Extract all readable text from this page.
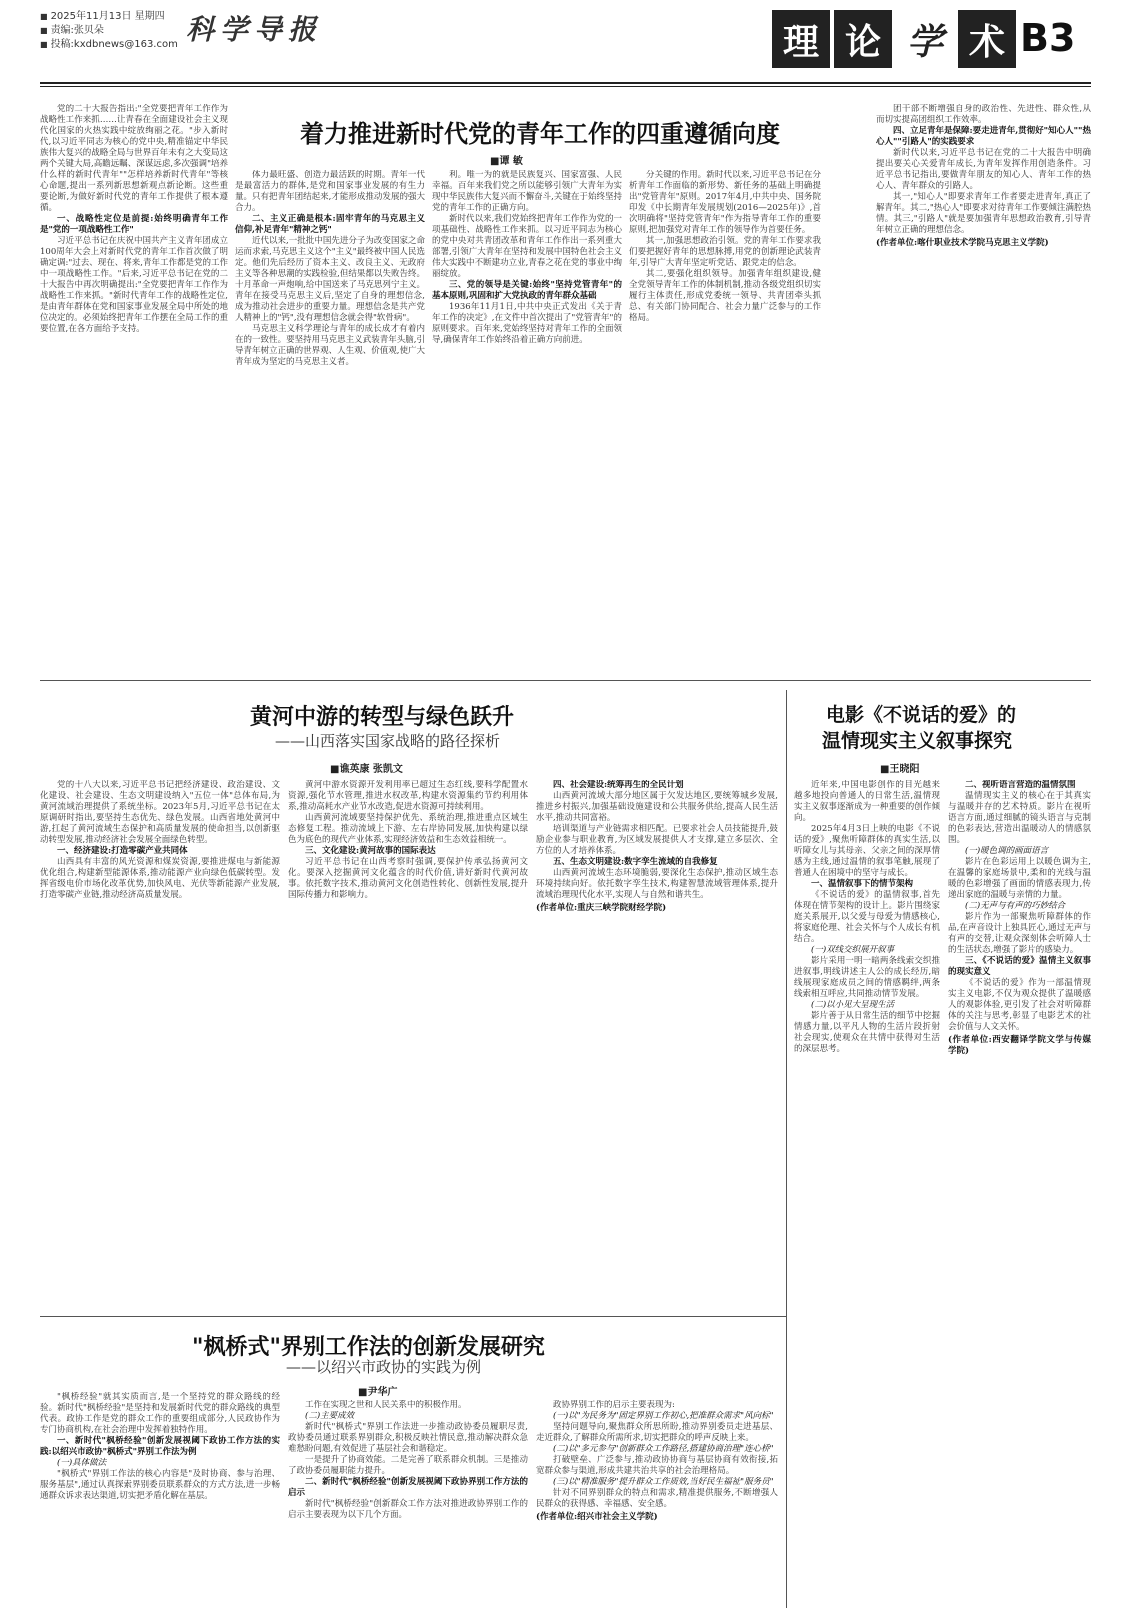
■ 2025年11月13日 星期四
■ 责编:张贝朵
■ 投稿:kxdbnews@163.com 科学导报	理 论 学 术 B3
着力推进新时代党的青年工作的四重遵循向度
■ 谭 敏

党的二十大报告指出:"全党要把青年工作作为战略性工作来抓……让青春在全面建设社会主义现代化国家的火热实践中绽放绚丽之花。"步入新时代,以习近平同志为核心的党中央,精准锚定中华民族伟大复兴的战略全局与世界百年未有之大变局这两个关键大局,高瞻远瞩、深谋远虑,多次强调"培养什么样的新时代青年""怎样培养新时代青年"等核心命题,提出一系列新思想新观点新论断。这些重要论断,为做好新时代党的青年工作提供了根本遵循。

一、战略性定位是前提:始终明确青年工作是"党的一项战略性工作"

习近平总书记在庆祝中国共产主义青年团成立100周年大会上对新时代党的青年工作首次做了明确定调:"过去、现在、将来,青年工作都是党的工作中一项战略性工作。"后来,习近平总书记在党的二十大报告中再次明确提出:"全党要把青年工作作为战略性工作来抓。"新时代青年工作的战略性定位,是由青年群体在党和国家事业发展全局中所处的地位决定的。必须始终把青年工作摆在全局工作的重要位置,在各方面给予支持。

体力最旺盛、创造力最活跃的时期。青年一代是最富活力的群体,是党和国家事业发展的有生力量。只有把青年团结起来,才能形成推动发展的强大合力。

二、主义正确是根本:固牢青年的马克思主义信仰,补足青年"精神之钙"

近代以来,一批批中国先进分子为改变国家之命运而求索,马克思主义这个"主义"最终被中国人民选定。他们先后经历了资本主义、改良主义、无政府主义等各种思潮的实践检验,但结果都以失败告终。十月革命一声炮响,给中国送来了马克思列宁主义。青年在接受马克思主义后,坚定了自身的理想信念,成为推动社会进步的重要力量。理想信念是共产党人精神上的"钙",没有理想信念就会得"软骨病"。

马克思主义科学理论与青年的成长成才有着内在的一致性。要坚持用马克思主义武装青年头脑,引导青年树立正确的世界观、人生观、价值观,使广大青年成为坚定的马克思主义者。

利。唯一为的就是民族复兴、国家富强、人民幸福。百年来我们党之所以能够引领广大青年为实现中华民族伟大复兴而不懈奋斗,关键在于始终坚持党的青年工作的正确方向。

新时代以来,我们党始终把青年工作作为党的一项基础性、战略性工作来抓。以习近平同志为核心的党中央对共青团改革和青年工作作出一系列重大部署,引领广大青年在坚持和发展中国特色社会主义伟大实践中不断建功立业,青春之花在党的事业中绚丽绽放。

三、党的领导是关键:始终"坚持党管青年"的基本原则,巩固和扩大党执政的青年群众基础

1936年11月1日,中共中央正式发出《关于青年工作的决定》,在文件中首次提出了"党管青年"的原则要求。百年来,党始终坚持对青年工作的全面领导,确保青年工作始终沿着正确方向前进。

分关键的作用。新时代以来,习近平总书记在分析青年工作面临的新形势、新任务的基础上明确提出"党管青年"原则。2017年4月,中共中央、国务院印发《中长期青年发展规划(2016—2025年)》,首次明确将"坚持党管青年"作为指导青年工作的重要原则,把加强党对青年工作的领导作为首要任务。

其一,加强思想政治引领。党的青年工作要求我们要把握好青年的思想脉搏,用党的创新理论武装青年,引导广大青年坚定听党话、跟党走的信念。

其二,要强化组织领导。加强青年组织建设,健全党领导青年工作的体制机制,推动各级党组织切实履行主体责任,形成党委统一领导、共青团牵头抓总、有关部门协同配合、社会力量广泛参与的工作格局。

团干部不断增强自身的政治性、先进性、群众性,从而切实提高团组织工作效率。

四、立足青年是保障:要走进青年,贯彻好"知心人""热心人""引路人"的实践要求

新时代以来,习近平总书记在党的二十大报告中明确提出要关心关爱青年成长,为青年发挥作用创造条件。习近平总书记指出,要做青年朋友的知心人、青年工作的热心人、青年群众的引路人。

其一,"知心人"即要求青年工作者要走进青年,真正了解青年。其二,"热心人"即要求对待青年工作要倾注满腔热情。其三,"引路人"就是要加强青年思想政治教育,引导青年树立正确的理想信念。

(作者单位:喀什职业技术学院马克思主义学院)

黄河中游的转型与绿色跃升
——山西落实国家战略的路径探析
■ 谯英康 张凯文

党的十八大以来,习近平总书记把经济建设、政治建设、文化建设、社会建设、生态文明建设纳入"五位一体"总体布局,为黄河流域治理提供了系统坐标。2023年5月,习近平总书记在太原调研时指出,要坚持生态优先、绿色发展。山西省地处黄河中游,扛起了黄河流域生态保护和高质量发展的使命担当,以创新驱动转型发展,推动经济社会发展全面绿色转型。

一、经济建设:打造零碳产业共同体

山西具有丰富的风光资源和煤炭资源,要推进煤电与新能源优化组合,构建新型能源体系,推动能源产业向绿色低碳转型。发挥省级电价市场化改革优势,加快风电、光伏等新能源产业发展,打造零碳产业链,推动经济高质量发展。

黄河中游水资源开发利用率已超过生态红线,要科学配置水资源,强化节水管理,推进水权改革,构建水资源集约节约利用体系,推动高耗水产业节水改造,促进水资源可持续利用。

山西黄河流域要坚持保护优先、系统治理,推进重点区域生态修复工程。推动流域上下游、左右岸协同发展,加快构建以绿色为底色的现代产业体系,实现经济效益和生态效益相统一。

三、文化建设:黄河故事的国际表达

习近平总书记在山西考察时强调,要保护传承弘扬黄河文化。要深入挖掘黄河文化蕴含的时代价值,讲好新时代黄河故事。依托数字技术,推动黄河文化创造性转化、创新性发展,提升国际传播力和影响力。

四、社会建设:统筹再生的全民计划

山西黄河流域大部分地区属于欠发达地区,要统筹城乡发展,推进乡村振兴,加强基础设施建设和公共服务供给,提高人民生活水平,推动共同富裕。

培训渠道与产业链需求相匹配。已要求社会人员技能提升,鼓励企业参与职业教育,为区域发展提供人才支撑,建立多层次、全方位的人才培养体系。

五、生态文明建设:数字孪生流域的自我修复

山西黄河流域生态环境脆弱,要深化生态保护,推动区域生态环境持续向好。依托数字孪生技术,构建智慧流域管理体系,提升流域治理现代化水平,实现人与自然和谐共生。

(作者单位:重庆三峡学院财经学院)

电影《不说话的爱》的
温情现实主义叙事探究
■ 王晓阳

近年来,中国电影创作的目光越来越多地投向普通人的日常生活,温情现实主义叙事逐渐成为一种重要的创作倾向。

2025年4月3日上映的电影《不说话的爱》,聚焦听障群体的真实生活,以听障女儿与其母亲、父亲之间的深厚情感为主线,通过温情的叙事笔触,展现了普通人在困境中的坚守与成长。

一、温情叙事下的情节架构

《不说话的爱》的温情叙事,首先体现在情节架构的设计上。影片围绕家庭关系展开,以父爱与母爱为情感核心,将家庭伦理、社会关怀与个人成长有机结合。

(一)双线交织展开叙事

影片采用一明一暗两条线索交织推进叙事,明线讲述主人公的成长经历,暗线展现家庭成员之间的情感羁绊,两条线索相互呼应,共同推动情节发展。

(二)以小见大呈现生活

影片善于从日常生活的细节中挖掘情感力量,以平凡人物的生活片段折射社会现实,使观众在共情中获得对生活的深层思考。

二、视听语言营造的温情氛围

温情现实主义的核心在于其真实与温暖并存的艺术特质。影片在视听语言方面,通过细腻的镜头语言与克制的色彩表达,营造出温暖动人的情感氛围。

(一)暖色调的画面语言

影片在色彩运用上以暖色调为主,在温馨的家庭场景中,柔和的光线与温暖的色彩增强了画面的情感表现力,传递出家庭的温暖与亲情的力量。

(二)无声与有声的巧妙结合

影片作为一部聚焦听障群体的作品,在声音设计上独具匠心,通过无声与有声的交替,让观众深刻体会听障人士的生活状态,增强了影片的感染力。

三、《不说话的爱》温情主义叙事的现实意义

《不说话的爱》作为一部温情现实主义电影,不仅为观众提供了温暖感人的观影体验,更引发了社会对听障群体的关注与思考,彰显了电影艺术的社会价值与人文关怀。

(作者单位:西安翻译学院文学与传媒学院)

"枫桥式"界别工作法的创新发展研究
——以绍兴市政协的实践为例
■ 尹华广

"枫桥经验"就其实质而言,是一个坚持党的群众路线的经验。新时代"枫桥经验"是坚持和发展新时代党的群众路线的典型代表。政协工作是党的群众工作的重要组成部分,人民政协作为专门协商机构,在社会治理中发挥着独特作用。

一、新时代"枫桥经验"创新发展视阈下政协工作方法的实践:以绍兴市政协"枫桥式"界别工作法为例

(一)具体做法

"枫桥式"界别工作法的核心内容是"及时协商、参与治理、服务基层",通过认真探索界别委员联系群众的方式方法,进一步畅通群众诉求表达渠道,切实把矛盾化解在基层。

工作在实现之世和人民关系中的积极作用。

(二)主要成效

新时代"枫桥式"界别工作法进一步推动政协委员履职尽责,政协委员通过联系界别群众,积极反映社情民意,推动解决群众急难愁盼问题,有效促进了基层社会和谐稳定。

一是提升了协商效能。二是完善了联系群众机制。三是推动了政协委员履职能力提升。

二、新时代"枫桥经验"创新发展视阈下政协界别工作方法的启示

新时代"枫桥经验"创新群众工作方法对推进政协界别工作的启示主要表现为以下几个方面。

政协界别工作的启示主要表现为:

(一)以"为民务为"固定界别工作初心,把准群众需求"风向标"

坚持问题导向,聚焦群众所思所盼,推动界别委员走进基层、走近群众,了解群众所需所求,切实把群众的呼声反映上来。

(二)以"多元参与"创新群众工作路径,搭建协商治理"连心桥"

打破壁垒、广泛参与,推动政协协商与基层协商有效衔接,拓宽群众参与渠道,形成共建共治共享的社会治理格局。

(三)以"精准服务"提升群众工作质效,当好民生福祉"服务员"

针对不同界别群众的特点和需求,精准提供服务,不断增强人民群众的获得感、幸福感、安全感。

(作者单位:绍兴市社会主义学院)
